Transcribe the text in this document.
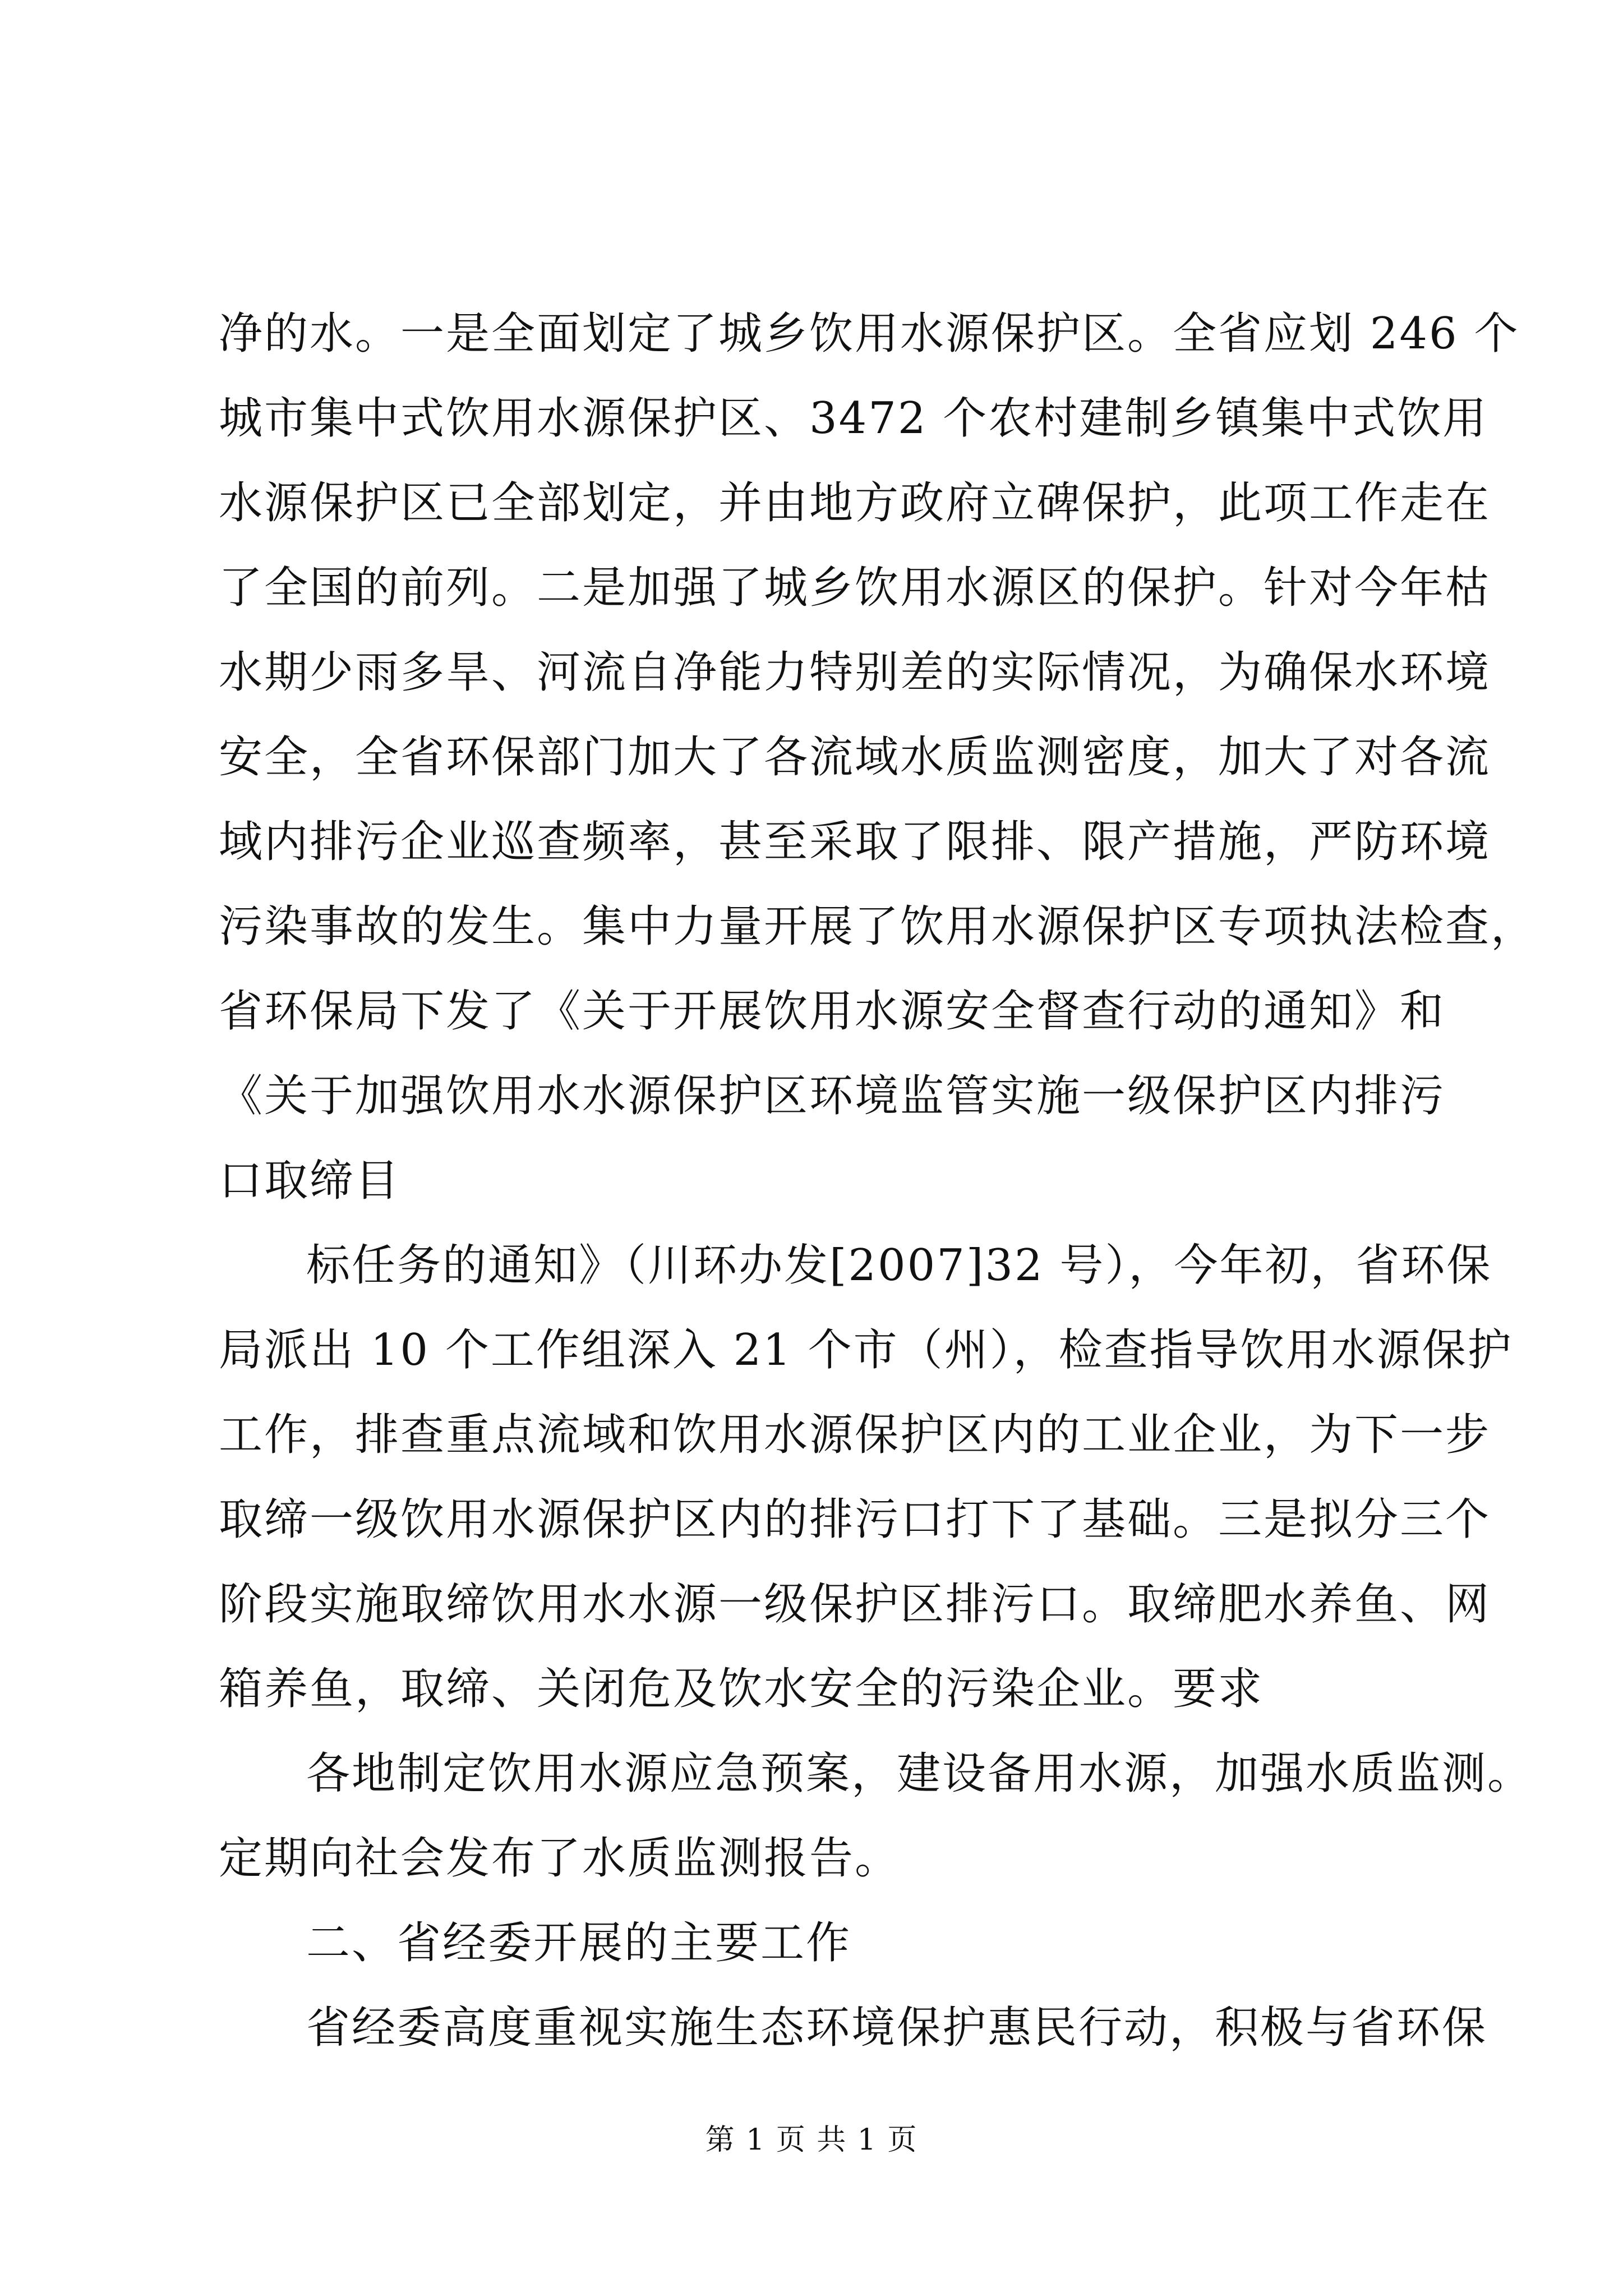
净的水。一是全面划定了城乡饮用水源保护区。全省应划 246 个
城市集中式饮用水源保护区、3472 个农村建制乡镇集中式饮用
水源保护区已全部划定，并由地方政府立碑保护，此项工作走在
了全国的前列。二是加强了城乡饮用水源区的保护。针对今年枯
水期少雨多旱、河流自净能力特别差的实际情况，为确保水环境
安全，全省环保部门加大了各流域水质监测密度，加大了对各流
域内排污企业巡查频率，甚至采取了限排、限产措施，严防环境
污染事故的发生。集中力量开展了饮用水源保护区专项执法检查，
省环保局下发了《关于开展饮用水源安全督查行动的通知》和
《关于加强饮用水水源保护区环境监管实施一级保护区内排污
口取缔目
标任务的通知》（川环办发[2007]32 号），今年初，省环保
局派出 10 个工作组深入 21 个市（州），检查指导饮用水源保护
工作，排查重点流域和饮用水源保护区内的工业企业，为下一步
取缔一级饮用水源保护区内的排污口打下了基础。三是拟分三个
阶段实施取缔饮用水水源一级保护区排污口。取缔肥水养鱼、网
箱养鱼，取缔、关闭危及饮水安全的污染企业。要求
各地制定饮用水源应急预案，建设备用水源，加强水质监测。
定期向社会发布了水质监测报告。
二、省经委开展的主要工作
省经委高度重视实施生态环境保护惠民行动，积极与省环保
第 1 页 共 1 页
